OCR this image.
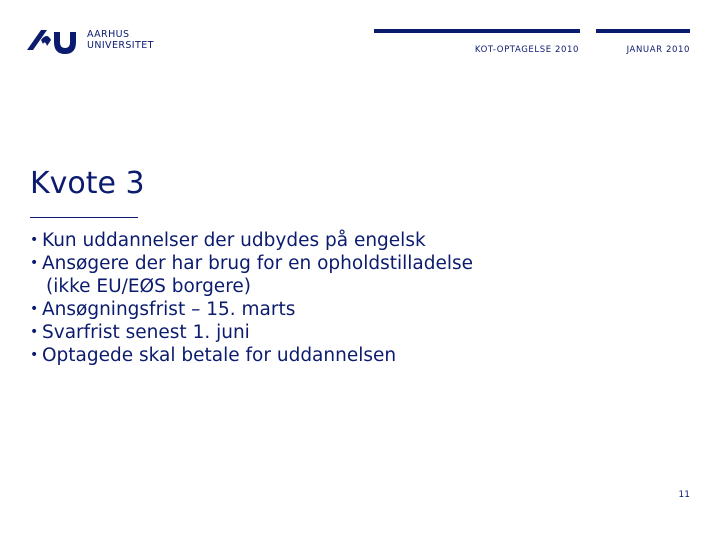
AARHUS
UNIVERSITET	KOT-OPTAGELSE 2010	JANUAR 2010
Kvote 3
• Kun uddannelser der udbydes på engelsk
• Ansøgere der har brug for en opholdstilladelse
(ikke EU/EØS borgere)
• Ansøgningsfrist – 15. marts
• Svarfrist senest 1. juni
• Optagede skal betale for uddannelsen
11
